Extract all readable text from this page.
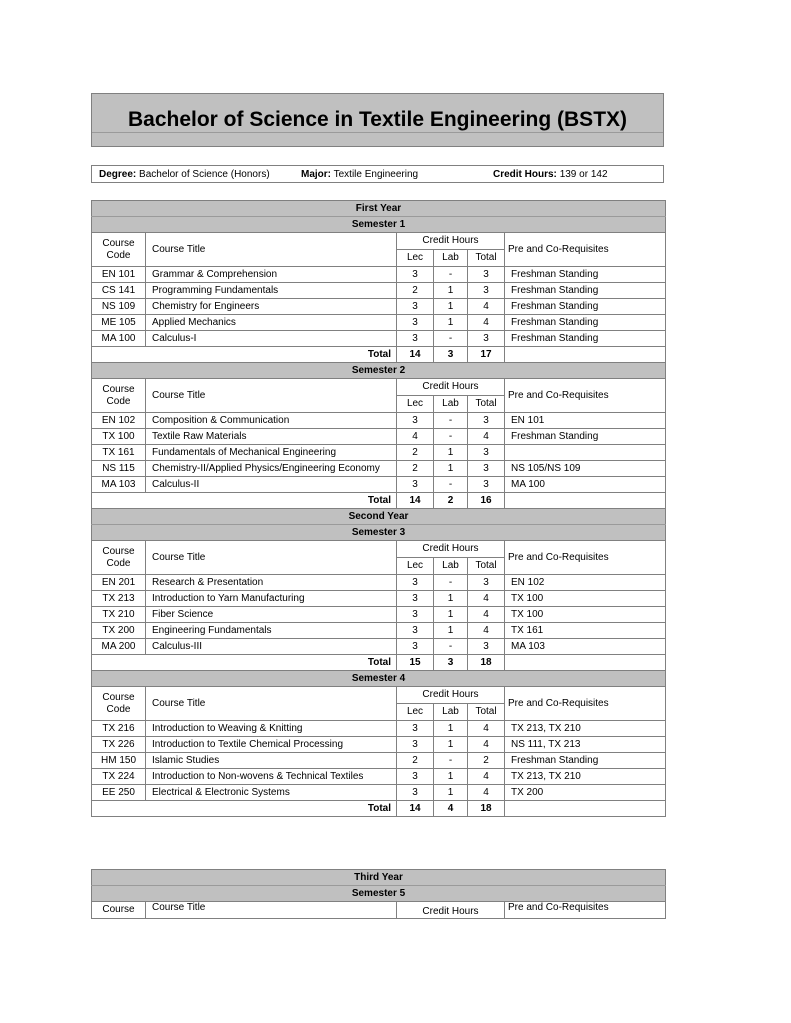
Bachelor of Science in Textile Engineering (BSTX)
Degree: Bachelor of Science (Honors)	Major: Textile Engineering	Credit Hours: 139 or 142
First Year					
Semester 1					

Course
Code	Course Title	Credit Hours			Pre and Co-Requisites
		Lec	Lab	Total	
EN 101	Grammar & Comprehension	3	-	3	Freshman Standing
CS 141	Programming Fundamentals	2	1	3	Freshman Standing
NS 109	Chemistry for Engineers	3	1	4	Freshman Standing
ME 105	Applied Mechanics	3	1	4	Freshman Standing
MA 100	Calculus-I	3	-	3	Freshman Standing
Total		14	3	17	
Semester 2					

Course
Code	Course Title	Credit Hours			Pre and Co-Requisites
		Lec	Lab	Total	
EN 102	Composition & Communication	3	-	3	EN 101
TX 100	Textile Raw Materials	4	-	4	Freshman Standing
TX 161	Fundamentals of Mechanical Engineering	2	1	3	
NS 115	Chemistry-II/Applied Physics/Engineering Economy	2	1	3	NS 105/NS 109
MA 103	Calculus-II	3	-	3	MA 100
Total		14	2	16	
Second Year					
Semester 3					

Course
Code	Course Title	Credit Hours			Pre and Co-Requisites
		Lec	Lab	Total	
EN 201	Research & Presentation	3	-	3	EN 102
TX 213	Introduction to Yarn Manufacturing	3	1	4	TX 100
TX 210	Fiber Science	3	1	4	TX 100
TX 200	Engineering Fundamentals	3	1	4	TX 161
MA 200	Calculus-III	3	-	3	MA 103
Total		15	3	18	
Semester 4					

Course
Code	Course Title	Credit Hours			Pre and Co-Requisites
		Lec	Lab	Total	
TX 216	Introduction to Weaving & Knitting	3	1	4	TX 213, TX 210
TX 226	Introduction to Textile Chemical Processing	3	1	4	NS 111, TX 213
HM 150	Islamic Studies	2	-	2	Freshman Standing
TX 224	Introduction to Non-wovens & Technical Textiles	3	1	4	TX 213, TX 210
EE 250	Electrical & Electronic Systems	3	1	4	TX 200
Total		14	4	18	
Third Year
Semester 5

Course	Course Title	Credit Hours	Pre and Co-Requisites
